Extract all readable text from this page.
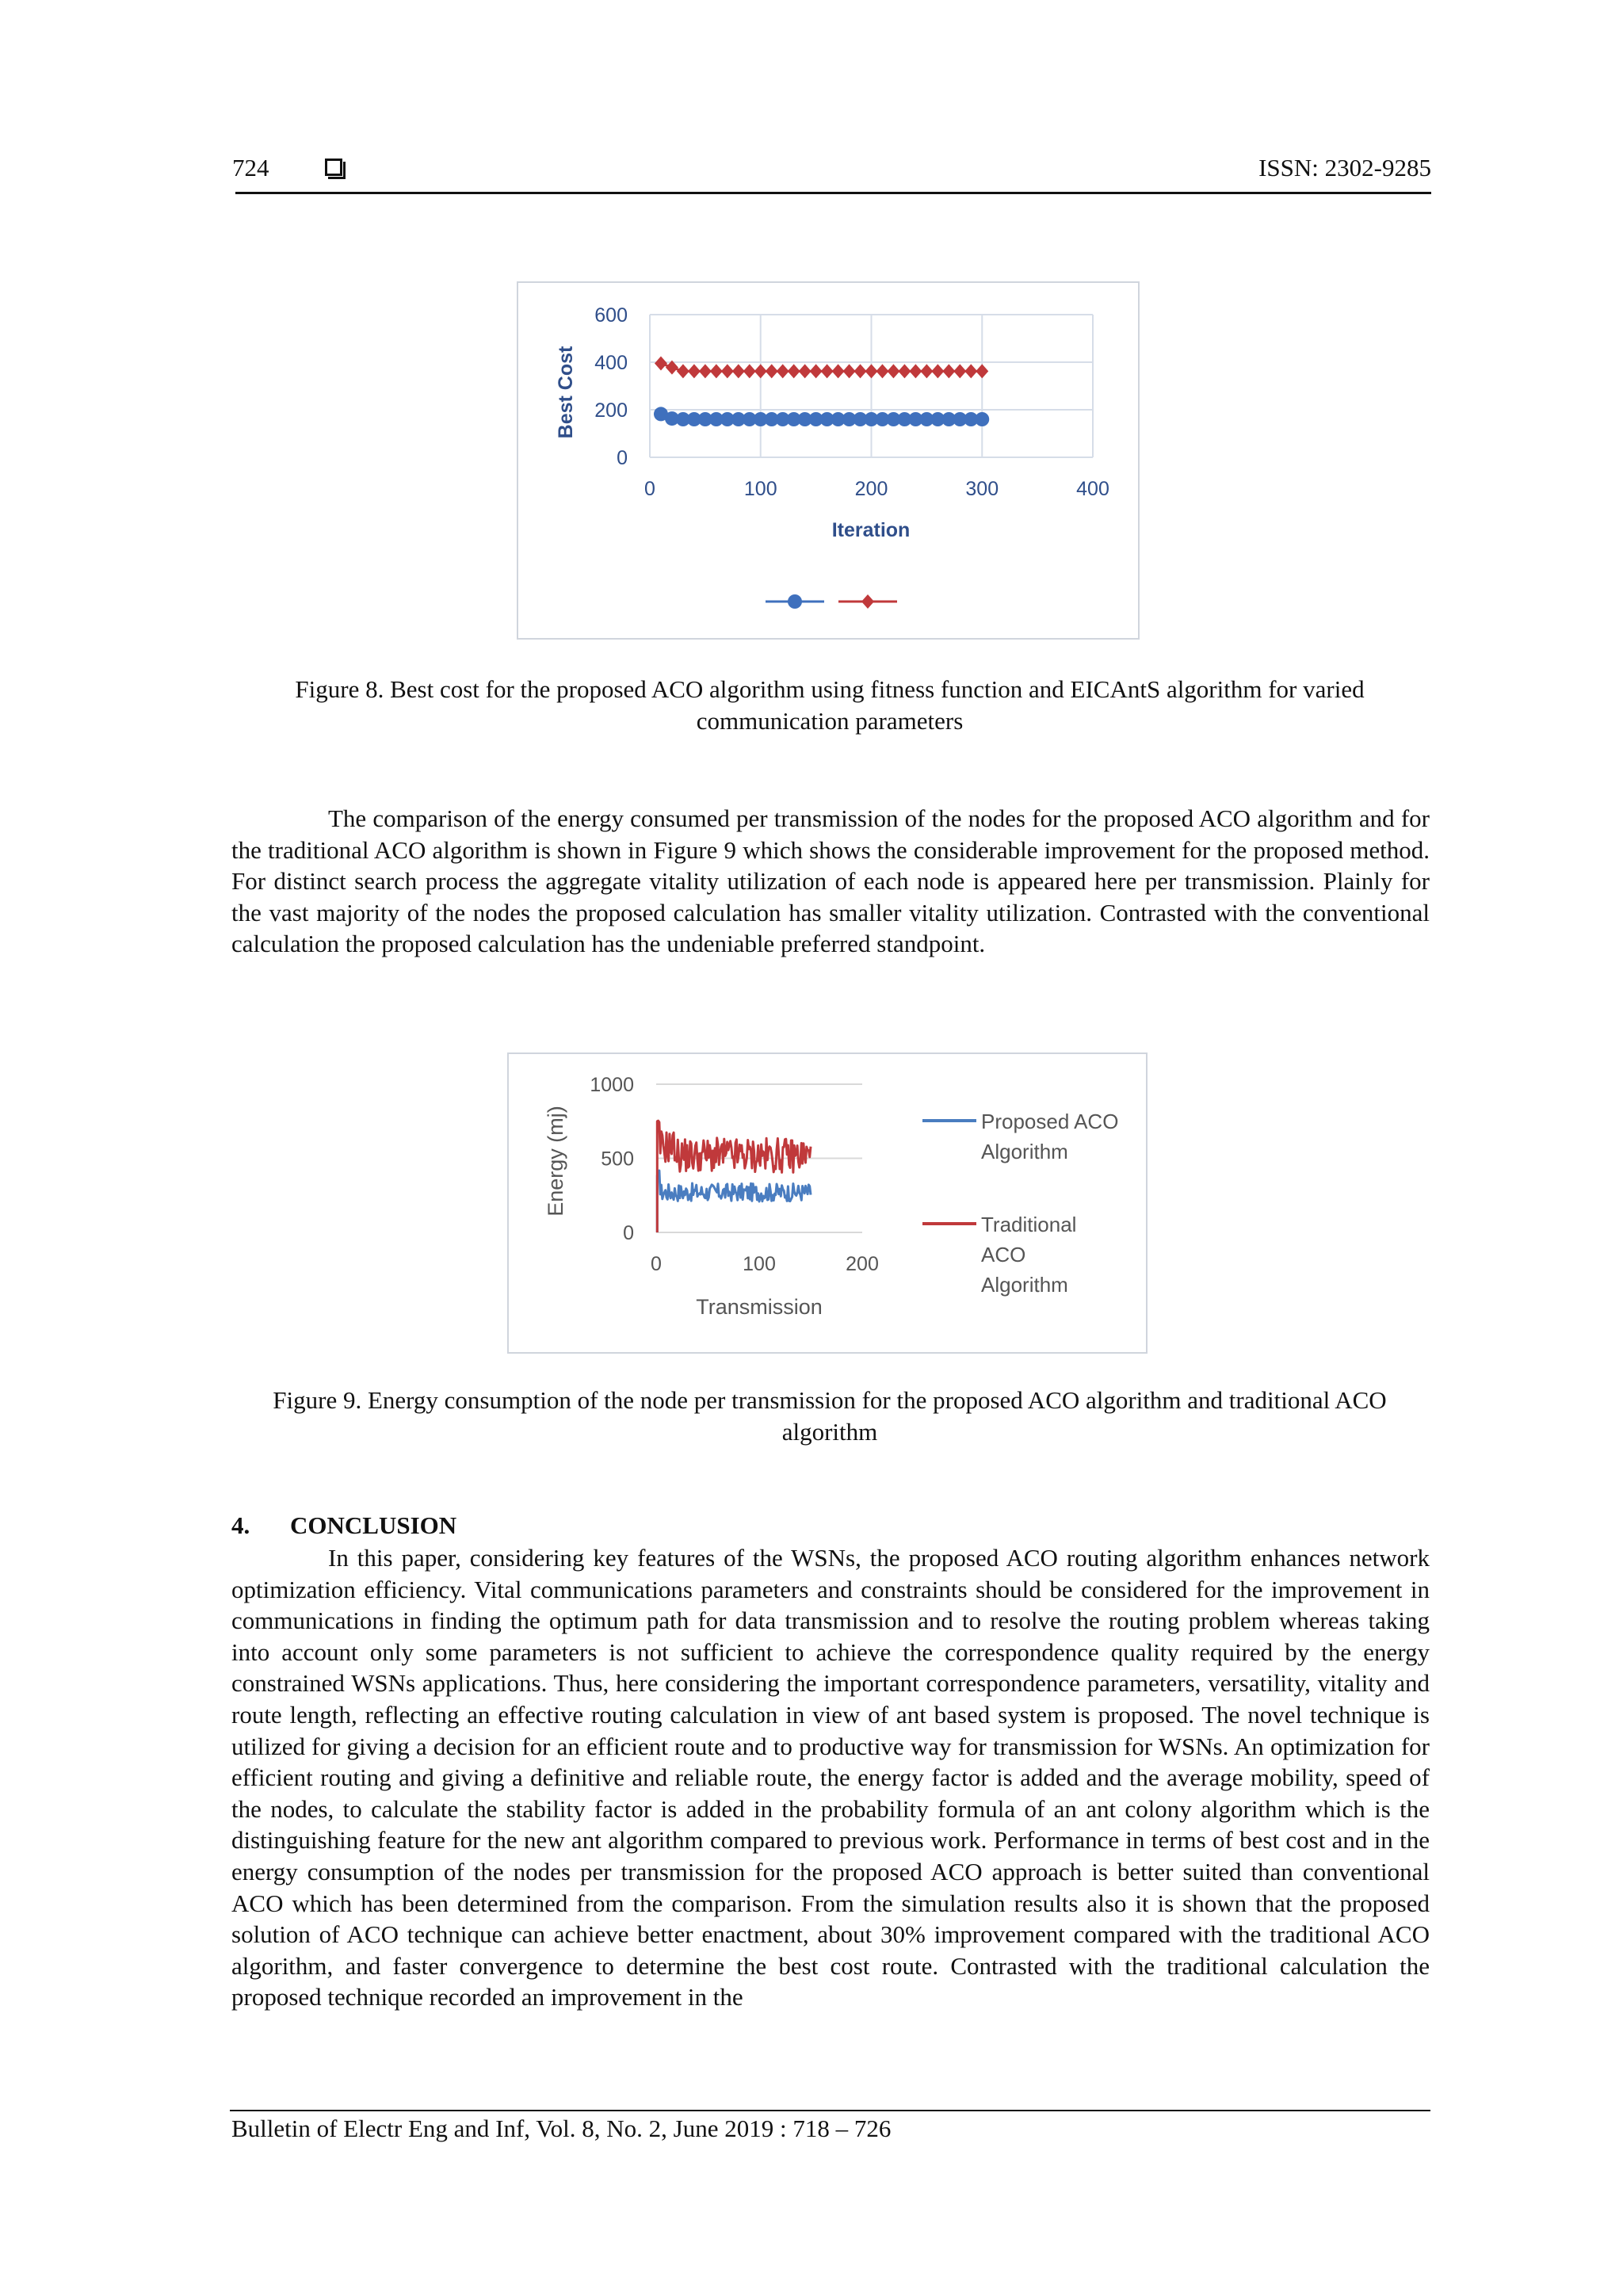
724	ISSN: 2302-9285
0
200
400
600
0	100	200	300	400
Best Cost
Iteration
Figure 8. Best cost for the proposed ACO algorithm using fitness function and EICAntS algorithm for varied communication parameters
The comparison of the energy consumed per transmission of the nodes for the proposed ACO algorithm and for the traditional ACO algorithm is shown in Figure 9 which shows the considerable improvement for the proposed method. For distinct search process the aggregate vitality utilization of each node is appeared here per transmission. Plainly for the vast majority of the nodes the proposed calculation has smaller vitality utilization. Contrasted with the conventional calculation the proposed calculation has the undeniable preferred standpoint.
0
500
1000
0	100	200
Energy (mj)
Transmission
Proposed ACO
Algorithm
Traditional
ACO
Algorithm
Figure 9. Energy consumption of the node per transmission for the proposed ACO algorithm and traditional ACO algorithm
4. CONCLUSION
In this paper, considering key features of the WSNs, the proposed ACO routing algorithm enhances network optimization efficiency. Vital communications parameters and constraints should be considered for the improvement in communications in finding the optimum path for data transmission and to resolve the routing problem whereas taking into account only some parameters is not sufficient to achieve the correspondence quality required by the energy constrained WSNs applications. Thus, here considering the important correspondence parameters, versatility, vitality and route length, reflecting an effective routing calculation in view of ant based system is proposed. The novel technique is utilized for giving a decision for an efficient route and to productive way for transmission for WSNs. An optimization for efficient routing and giving a definitive and reliable route, the energy factor is added and the average mobility, speed of the nodes, to calculate the stability factor is added in the probability formula of an ant colony algorithm which is the distinguishing feature for the new ant algorithm compared to previous work. Performance in terms of best cost and in the energy consumption of the nodes per transmission for the proposed ACO approach is better suited than conventional ACO which has been determined from the comparison. From the simulation results also it is shown that the proposed solution of ACO technique can achieve better enactment, about 30% improvement compared with the traditional ACO algorithm, and faster convergence to determine the best cost route. Contrasted with the traditional calculation the proposed technique recorded an improvement in the
Bulletin of Electr Eng and Inf, Vol. 8, No. 2, June 2019 : 718 – 726
